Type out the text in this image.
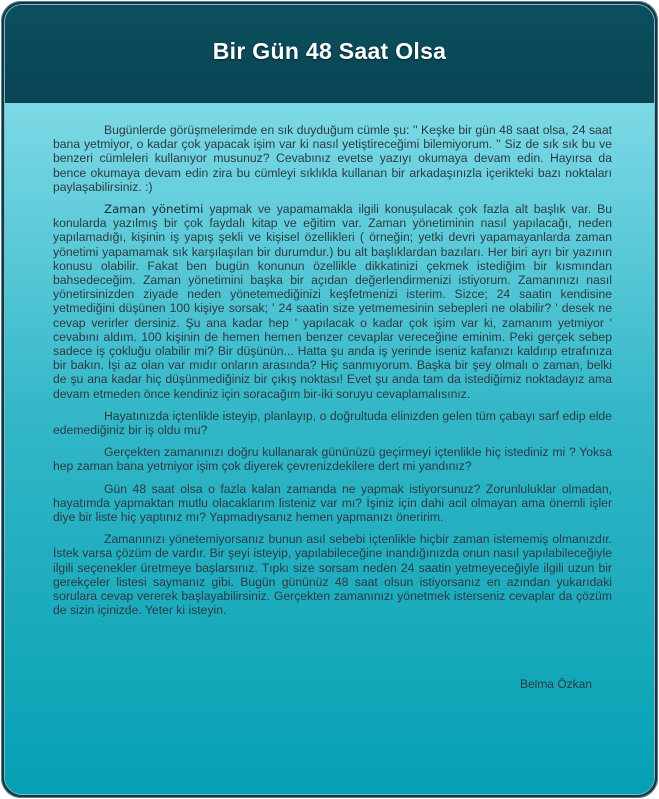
Bir Gün 48 Saat Olsa

Bugünlerde görüşmelerimde en sık duyduğum cümle şu: '' Keşke bir gün 48 saat olsa, 24 saat bana yetmiyor, o kadar çok yapacak işim var ki nasıl yetiştireceğimi bilemiyorum. '' Siz de sık sık bu ve benzeri cümleleri kullanıyor musunuz? Cevabınız evetse yazıyı okumaya devam edin. Hayırsa da bence okumaya devam edin zira bu cümleyi sıklıkla kullanan bir arkadaşınızla içerikteki bazı noktaları paylaşabilirsiniz. :)

Zaman yönetimi yapmak ve yapamamakla ilgili konuşulacak çok fazla alt başlık var. Bu konularda yazılmış bir çok faydalı kitap ve eğitim var. Zaman yönetiminin nasıl yapılacağı, neden yapılamadığı, kişinin iş yapış şekli ve kişisel özellikleri ( örneğin; yetki devri yapamayanlarda zaman yönetimi yapamamak sık karşılaşılan bir durumdur.) bu alt başlıklardan bazıları. Her biri ayrı bir yazının konusu olabilir. Fakat ben bugün konunun özellikle dikkatinizi çekmek istediğim bir kısmından bahsedeceğim. Zaman yönetimini başka bir açıdan değerlendirmenizi istiyorum. Zamanınızı nasıl yönetirsinizden ziyade neden yönetemediğinizi keşfetmenizi isterim. Sizce; 24 saatin kendisine yetmediğini düşünen 100 kişiye sorsak; ' 24 saatin size yetmemesinin sebepleri ne olabilir? ' desek ne cevap verirler dersiniz. Şu ana kadar hep ' yapılacak o kadar çok işim var ki, zamanım yetmiyor ' cevabını aldım. 100 kişinin de hemen hemen benzer cevaplar vereceğine eminim. Peki gerçek sebep sadece iş çokluğu olabilir mi? Bir düşünün... Hatta şu anda iş yerinde iseniz kafanızı kaldırıp etrafınıza bir bakın. İşi az olan var mıdır onların arasında? Hiç sanmıyorum. Başka bir şey olmalı o zaman, belki de şu ana kadar hiç düşünmediğiniz bir çıkış noktası! Evet şu anda tam da istediğimiz noktadayız ama devam etmeden önce kendiniz için soracağım bir-iki soruyu cevaplamalısınız.

Hayatınızda içtenlikle isteyip, planlayıp, o doğrultuda elinizden gelen tüm çabayı sarf edip elde edemediğiniz bir iş oldu mu?

Gerçekten zamanınızı doğru kullanarak gününüzü geçirmeyi içtenlikle hiç istediniz mi ? Yoksa hep zaman bana yetmiyor işim çok diyerek çevrenizdekilere dert mi yandınız?

Gün 48 saat olsa o fazla kalan zamanda ne yapmak istiyorsunuz? Zorunluluklar olmadan, hayatımda yapmaktan mutlu olacaklarım listeniz var mı? İşiniz için dahi acil olmayan ama önemli işler diye bir liste hiç yaptınız mı? Yapmadıysanız hemen yapmanızı öneririm.

Zamanınızı yönetemiyorsanız bunun asıl sebebi içtenlikle hiçbir zaman istememiş olmanızdır. İstek varsa çözüm de vardır. Bir şeyi isteyip, yapılabileceğine inandığınızda onun nasıl yapılabileceğiyle ilgili seçenekler üretmeye başlarsınız. Tıpkı size sorsam neden 24 saatin yetmeyeceğiyle ilgili uzun bir gerekçeler listesi saymanız gibi. Bugün gününüz 48 saat olsun istiyorsanız en azından yukarıdaki sorulara cevap vererek başlayabilirsiniz. Gerçekten zamanınızı yönetmek isterseniz cevaplar da çözüm de sizin içinizde. Yeter ki isteyin.

Belma Özkan
